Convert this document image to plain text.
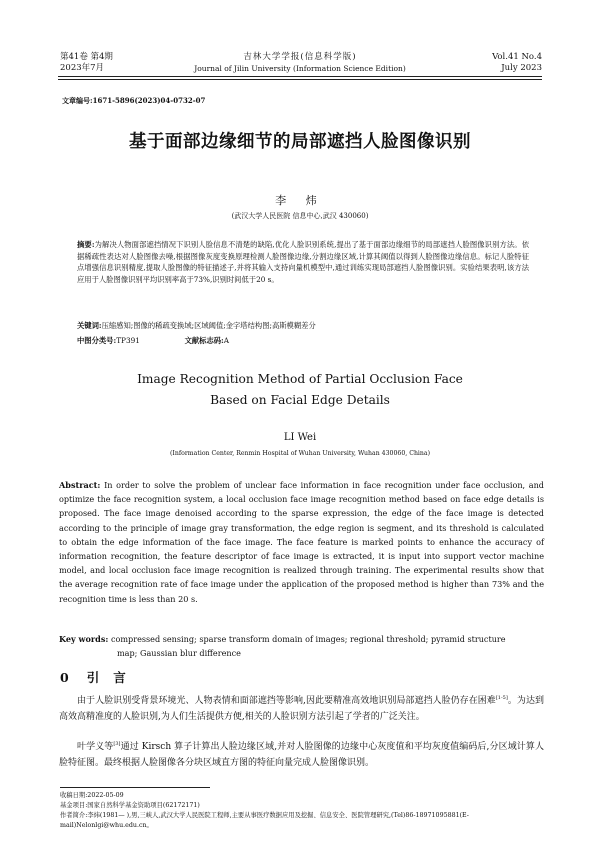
第41卷 第4期
2023年7月
吉林大学学报(信息科学版)
Journal of Jilin University (Information Science Edition)
Vol.41 No.4
July 2023
文章编号:1671-5896(2023)04-0732-07
基于面部边缘细节的局部遮挡人脸图像识别
李 炜
(武汉大学人民医院 信息中心,武汉 430060)
摘要:为解决人物面部遮挡情况下识别人脸信息不清楚的缺陷,优化人脸识别系统,提出了基于面部边缘细节的局部遮挡人脸图像识别方法。依据稀疏性表达对人脸图像去噪,根据图像灰度变换原理检测人脸图像边缘,分割边缘区域,计算其阈值以得到人脸图像边缘信息。标记人脸特征点增强信息识别精度,提取人脸图像的特征描述子,并将其输入支持向量机模型中,通过训练实现局部遮挡人脸图像识别。实验结果表明,该方法应用于人脸图像识别平均识别率高于73%,识别时间低于20 s。
关键词:压缩感知;图像的稀疏变换域;区域阈值;金字塔结构图;高斯模糊差分
中图分类号:TP391	文献标志码:A
Image Recognition Method of Partial Occlusion Face
Based on Facial Edge Details
LI Wei
(Information Center, Renmin Hospital of Wuhan University, Wuhan 430060, China)
Abstract: In order to solve the problem of unclear face information in face recognition under face occlusion, and optimize the face recognition system, a local occlusion face image recognition method based on face edge details is proposed. The face image denoised according to the sparse expression, the edge of the face image is detected according to the principle of image gray transformation, the edge region is segment, and its threshold is calculated to obtain the edge information of the face image. The face feature is marked points to enhance the accuracy of information recognition, the feature descriptor of face image is extracted, it is input into support vector machine model, and local occlusion face image recognition is realized through training. The experimental results show that the average recognition rate of face image under the application of the proposed method is higher than 73% and the recognition time is less than 20 s.
Key words: compressed sensing; sparse transform domain of images; regional threshold; pyramid structure
map; Gaussian blur difference
0 引言
由于人脸识别受背景环境光、人物表情和面部遮挡等影响,因此要精准高效地识别局部遮挡人脸仍存在困难[1-5]。为达到高效高精准度的人脸识别,为人们生活提供方便,相关的人脸识别方法引起了学者的广泛关注。
叶学义等[3]通过 Kirsch 算子计算出人脸边缘区域,并对人脸图像的边缘中心灰度值和平均灰度值编码后,分区域计算人脸特征图。最终根据人脸图像各分块区域直方图的特征向量完成人脸图像识别。
收稿日期:2022-05-09
基金项目:国家自然科学基金资助项目(62172171)
作者简介:李炜(1981— ),男,三峡人,武汉大学人民医院工程师,主要从事医疗数据应用及挖掘、信息安全、医院管理研究,(Tel)86-18971095881(E-mail)Nelonlgi@whu.edu.cn。
